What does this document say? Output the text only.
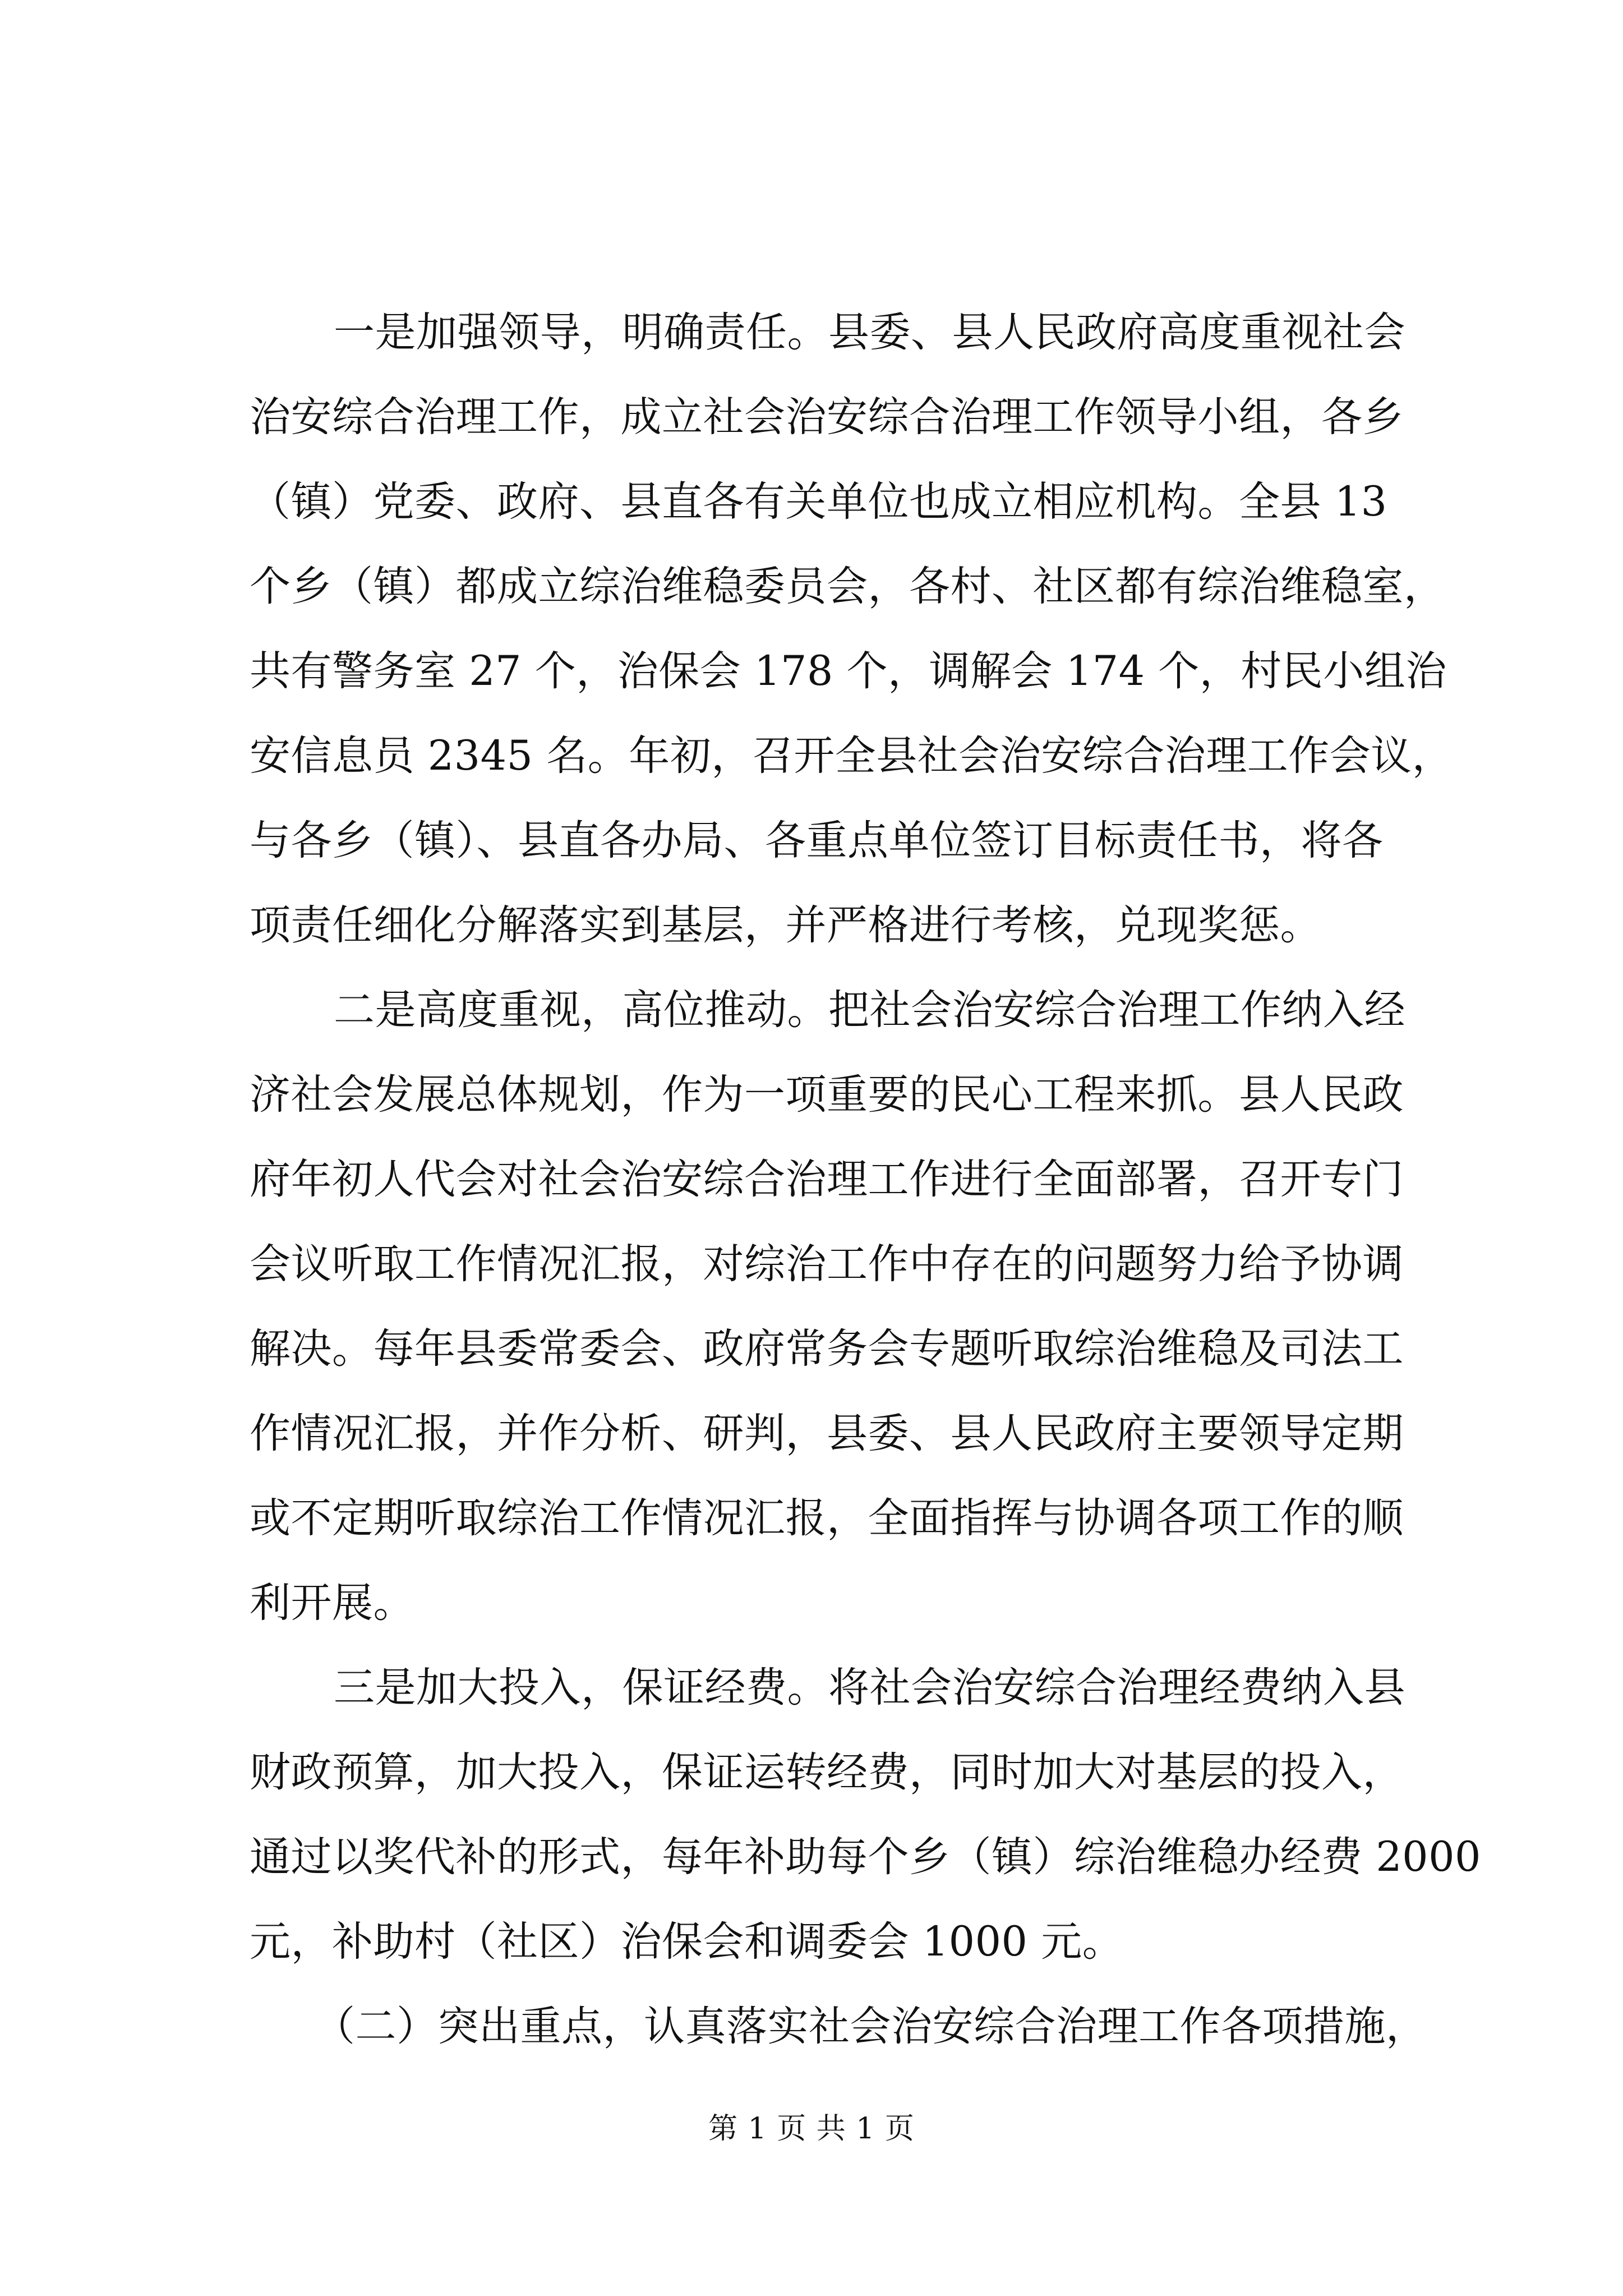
一是加强领导，明确责任。县委、县人民政府高度重视社会
治安综合治理工作，成立社会治安综合治理工作领导小组，各乡
（镇）党委、政府、县直各有关单位也成立相应机构。全县 13
个乡（镇）都成立综治维稳委员会，各村、社区都有综治维稳室，
共有警务室 27 个，治保会 178 个，调解会 174 个，村民小组治
安信息员 2345 名。年初，召开全县社会治安综合治理工作会议，
与各乡（镇）、县直各办局、各重点单位签订目标责任书，将各
项责任细化分解落实到基层，并严格进行考核，兑现奖惩。
二是高度重视，高位推动。把社会治安综合治理工作纳入经
济社会发展总体规划，作为一项重要的民心工程来抓。县人民政
府年初人代会对社会治安综合治理工作进行全面部署，召开专门
会议听取工作情况汇报，对综治工作中存在的问题努力给予协调
解决。每年县委常委会、政府常务会专题听取综治维稳及司法工
作情况汇报，并作分析、研判，县委、县人民政府主要领导定期
或不定期听取综治工作情况汇报，全面指挥与协调各项工作的顺
利开展。
三是加大投入，保证经费。将社会治安综合治理经费纳入县
财政预算，加大投入，保证运转经费，同时加大对基层的投入，
通过以奖代补的形式，每年补助每个乡（镇）综治维稳办经费 2000
元，补助村（社区）治保会和调委会 1000 元。
（二）突出重点，认真落实社会治安综合治理工作各项措施，
第 1 页 共 1 页
